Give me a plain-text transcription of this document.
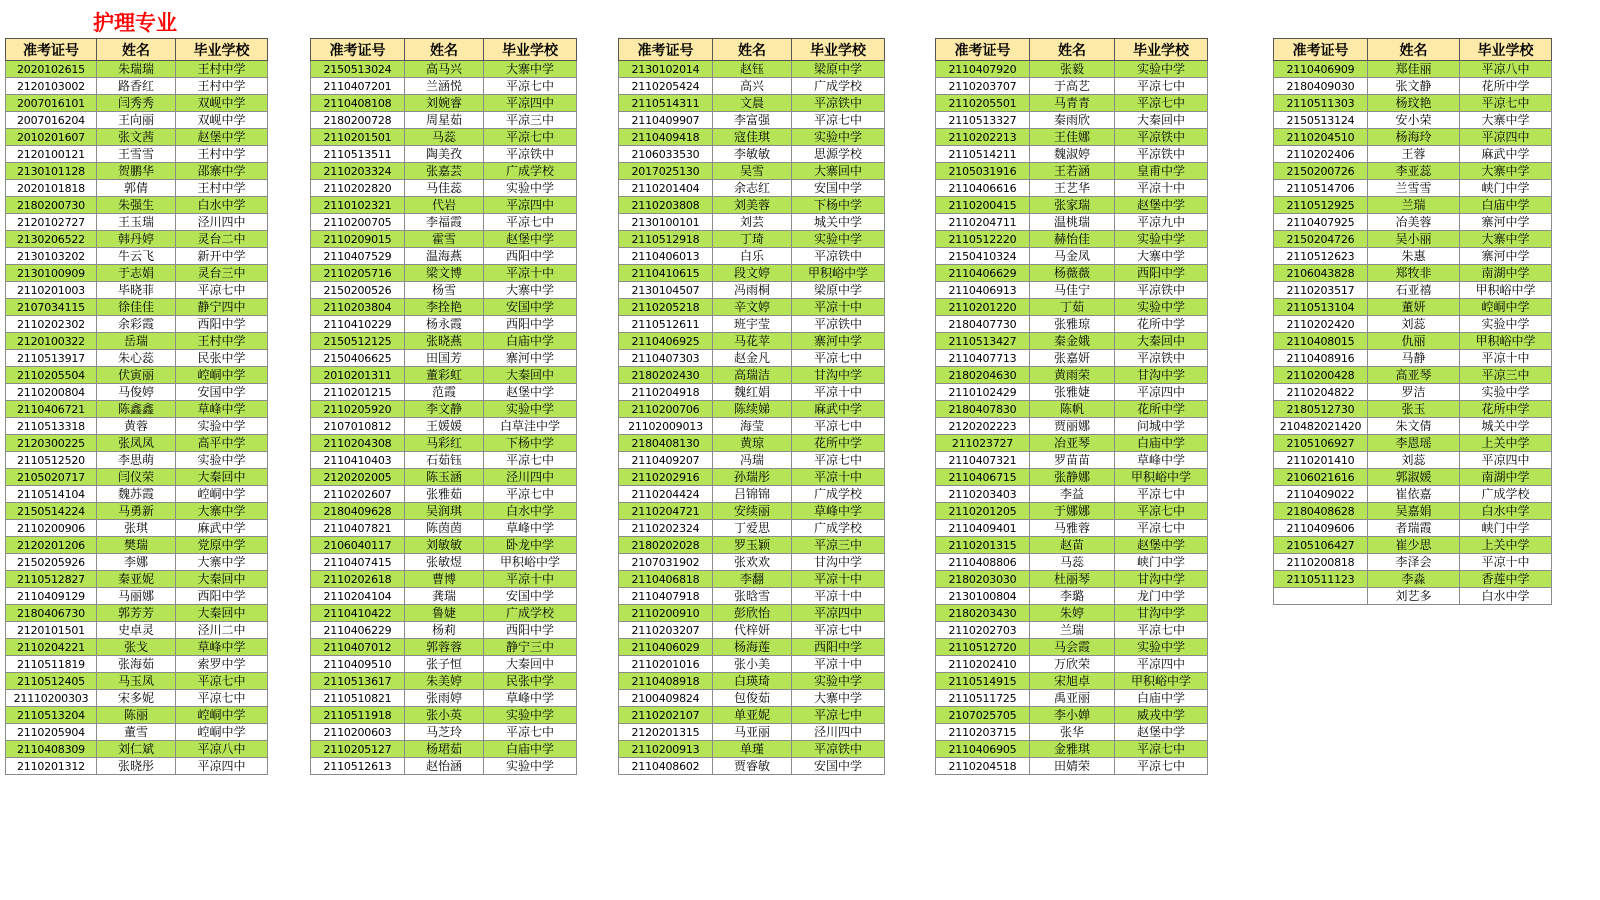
护理专业
准考证号	姓名	毕业学校
2020102615	朱瑞瑞	王村中学
2120103002	路香红	王村中学
2007016101	闫秀秀	双岘中学
2007016204	王向丽	双岘中学
2010201607	张文茜	赵堡中学
2120100121	王雪雪	王村中学
2130101128	贺鹏华	邵寨中学
2020101818	郭倩	王村中学
2180200730	朱强生	白水中学
2120102727	王玉瑞	泾川四中
2130206522	韩丹婷	灵台二中
2130103202	牛云飞	新开中学
2130100909	于志娟	灵台三中
2110201003	毕晓菲	平凉七中
2107034115	徐佳佳	静宁四中
2110202302	余彩霞	西阳中学
2120100322	岳瑞	王村中学
2110513917	朱心蕊	民张中学
2110205504	伏寅丽	崆峒中学
2110200804	马俊婷	安国中学
2110406721	陈鑫鑫	草峰中学
2110513318	黄蓉	实验中学
2120300225	张凤凤	高平中学
2110512520	李思萌	实验中学
2105020717	闫仪荣	大秦回中
2110514104	魏苏霞	崆峒中学
2150514224	马勇新	大寨中学
2110200906	张琪	麻武中学
2120201206	樊瑞	党原中学
2150205926	李娜	大寨中学
2110512827	秦亚妮	大秦回中
2110409129	马丽娜	西阳中学
2180406730	郭芳芳	大秦回中
2120101501	史卓灵	泾川二中
2110204221	张戈	草峰中学
2110511819	张海茹	索罗中学
2110512405	马玉凤	平凉七中
21110200303	宋多妮	平凉七中
2110513204	陈丽	崆峒中学
2110205904	董雪	崆峒中学
2110408309	刘仁斌	平凉八中
2110201312	张晓彤	平凉四中
准考证号	姓名	毕业学校
2150513024	高马兴	大寨中学
2110407201	兰涵悦	平凉七中
2110408108	刘婉睿	平凉四中
2180200728	周星茹	平凉三中
2110201501	马蕊	平凉七中
2110513511	陶美孜	平凉铁中
2110203324	张嘉芸	广成学校
2110202820	马佳蕊	实验中学
2110102321	代岩	平凉四中
2110200705	李福霞	平凉七中
2110209015	霍雪	赵堡中学
2110407529	温海燕	西阳中学
2110205716	梁文博	平凉十中
2150200526	杨雪	大寨中学
2110203804	李拴艳	安国中学
2110410229	杨永霞	西阳中学
2150512125	张晓燕	白庙中学
2150406625	田国芳	寨河中学
2010201311	董彩虹	大秦回中
2110201215	范霞	赵堡中学
2110205920	李文静	实验中学
2107010812	王媛媛	白草洼中学
2110204308	马彩红	下杨中学
2110410403	石茹钰	平凉七中
2120202005	陈玉涵	泾川四中
2110202607	张雅茹	平凉七中
2180409628	吴润琪	白水中学
2110407821	陈茵茵	草峰中学
2106040117	刘敏敏	卧龙中学
2110407415	张敏煜	甲积峪中学
2110202618	曹博	平凉十中
2110204104	龚瑞	安国中学
2110410422	鲁婕	广成学校
2110406229	杨莉	西阳中学
2110407012	郭蓉蓉	静宁三中
2110409510	张子恒	大秦回中
2110513617	朱美婷	民张中学
2110510821	张雨婷	草峰中学
2110511918	张小英	实验中学
2110200603	马芝玲	平凉七中
2110205127	杨珺茹	白庙中学
2110512613	赵怡涵	实验中学
准考证号	姓名	毕业学校
2130102014	赵钰	梁原中学
2110205424	高兴	广成学校
2110514311	文晨	平凉铁中
2110409907	李富强	平凉七中
2110409418	寇佳琪	实验中学
2106033530	李敏敏	思源学校
2017025130	吴雪	大寨回中
2110201404	余志红	安国中学
2110203808	刘美蓉	下杨中学
2130100101	刘芸	城关中学
2110512918	丁琦	实验中学
2110406013	白乐	平凉铁中
2110410615	段文婷	甲积峪中学
2130104507	冯雨桐	梁原中学
2110205218	辛文婷	平凉十中
2110512611	班宇莹	平凉铁中
2110406925	马花苹	寨河中学
2110407303	赵金凡	平凉七中
2180202430	高瑞洁	甘沟中学
2110204918	魏红娟	平凉十中
2110200706	陈续娣	麻武中学
21102009013	海莹	平凉七中
2180408130	黄琼	花所中学
2110409207	冯瑞	平凉七中
2110202916	孙瑞彤	平凉十中
2110204424	吕锦锦	广成学校
2110204721	安续丽	草峰中学
2110202324	丁爱思	广成学校
2180202028	罗玉颖	平凉三中
2107031902	张欢欢	甘沟中学
2110406818	李翻	平凉十中
2110407918	张晗雪	平凉十中
2110200910	彭欣怡	平凉四中
2110203207	代梓妍	平凉七中
2110406029	杨海莲	西阳中学
2110201016	张小美	平凉十中
2110408918	白瑛琦	实验中学
2100409824	包俊茹	大寨中学
2110202107	单亚妮	平凉七中
2120201315	马亚丽	泾川四中
2110200913	单瑾	平凉铁中
2110408602	贾睿敏	安国中学
准考证号	姓名	毕业学校
2110407920	张毅	实验中学
2110203707	于高艺	平凉七中
2110205501	马青青	平凉七中
2110513327	秦雨欣	大秦回中
2110202213	王佳娜	平凉铁中
2110514211	魏淑婷	平凉铁中
2105031916	王若涵	皇甫中学
2110406616	王艺华	平凉十中
2110200415	张家瑞	赵堡中学
2110204711	温桃瑞	平凉九中
2110512220	赫怡佳	实验中学
2150410324	马金凤	大寨中学
2110406629	杨薇薇	西阳中学
2110406913	马佳宁	平凉铁中
2110201220	丁茹	实验中学
2180407730	张雅琼	花所中学
2110513427	秦金娥	大秦回中
2110407713	张嘉妍	平凉铁中
2180204630	黄雨荣	甘沟中学
2110102429	张雅婕	平凉四中
2180407830	陈帆	花所中学
2120202223	贾丽娜	问城中学
211023727	冶亚琴	白庙中学
2110407321	罗苗苗	草峰中学
2110406715	张静娜	甲积峪中学
2110203403	李益	平凉七中
2110201205	于娜娜	平凉七中
2110409401	马雅蓉	平凉七中
2110201315	赵苗	赵堡中学
2110408806	马蕊	峡门中学
2180203030	杜丽琴	甘沟中学
2130100804	李璐	龙门中学
2180203430	朱婷	甘沟中学
2110202703	兰瑞	平凉七中
2110512720	马会霞	实验中学
2110202410	万欣荣	平凉四中
2110514915	宋旭卓	甲积峪中学
2110511725	禹亚丽	白庙中学
2107025705	李小婵	威戎中学
2110203715	张华	赵堡中学
2110406905	金雅琪	平凉七中
2110204518	田婧荣	平凉七中
准考证号	姓名	毕业学校
2110406909	郑佳丽	平凉八中
2180409030	张文静	花所中学
2110511303	杨玟艳	平凉七中
2150513124	安小荣	大寨中学
2110204510	杨海玲	平凉四中
2110202406	王蓉	麻武中学
2150200726	李亚蕊	大寨中学
2110514706	兰雪雪	峡门中学
2110512925	兰瑞	白庙中学
2110407925	冶美蓉	寨河中学
2150204726	吴小丽	大寨中学
2110512623	朱惠	寨河中学
2106043828	郑牧非	南湖中学
2110203517	石亚禧	甲积峪中学
2110513104	董妍	崆峒中学
2110202420	刘蕊	实验中学
2110408015	仇丽	甲积峪中学
2110408916	马静	平凉十中
2110200428	高亚琴	平凉三中
2110204822	罗洁	实验中学
2180512730	张玉	花所中学
210482021420	朱文倩	城关中学
2105106927	李恩瑶	上关中学
2110201410	刘蕊	平凉四中
2106021616	郭淑媛	南湖中学
2110409022	崔依嘉	广成学校
2180408628	吴嘉娟	白水中学
2110409606	者瑞霞	峡门中学
2105106427	崔少思	上关中学
2110200818	李泽会	平凉十中
2110511123	李淼	香莲中学
	刘艺多	白水中学
